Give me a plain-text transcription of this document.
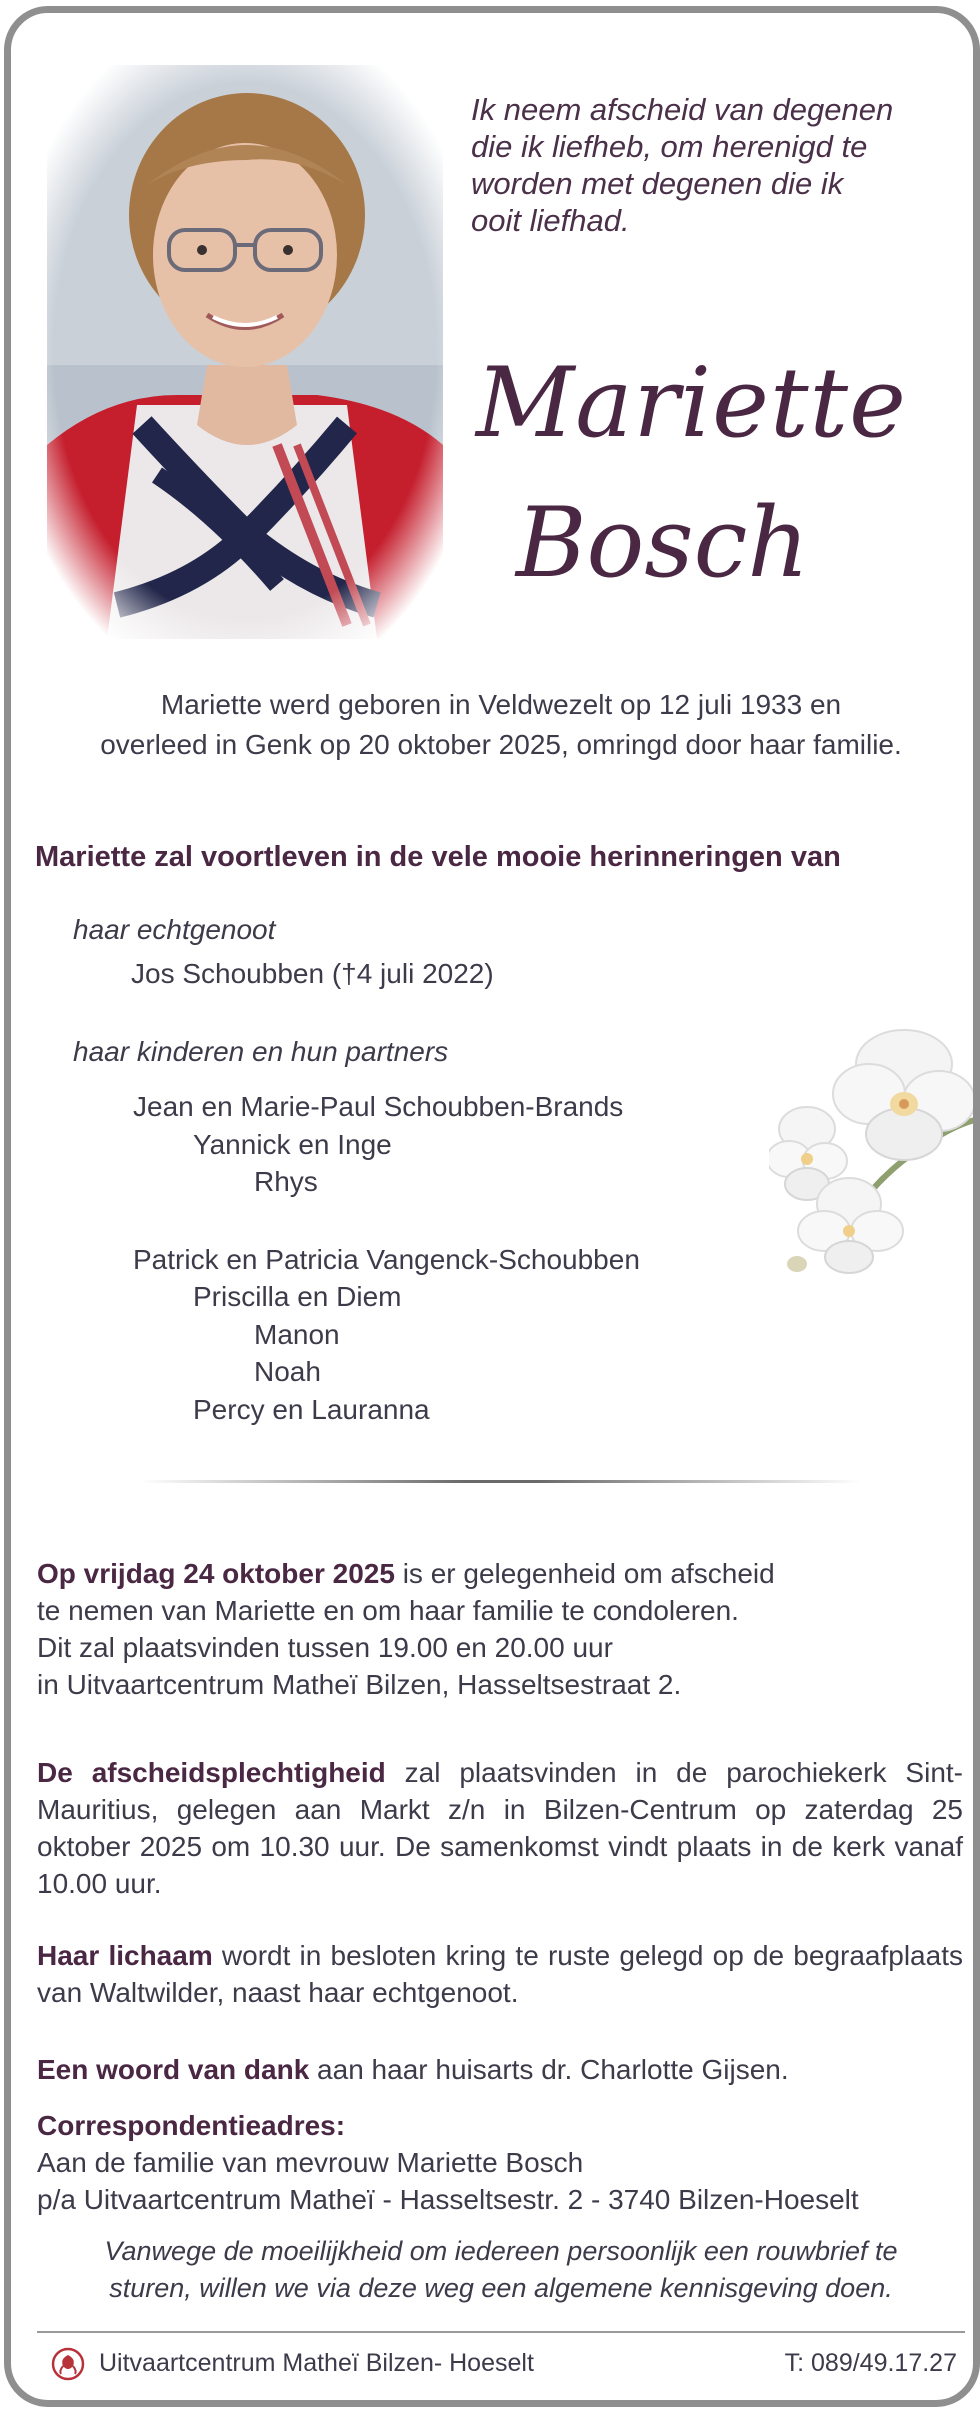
Ik neem afscheid van degenen
die ik liefheb, om herenigd te
worden met degenen die ik
ooit liefhad.
Mariette
Bosch
Mariette werd geboren in Veldwezelt op 12 juli 1933 en
overleed in Genk op 20 oktober 2025, omringd door haar familie.
Mariette zal voortleven in de vele mooie herinneringen van
haar echtgenoot
Jos Schoubben (†4 juli 2022)
haar kinderen en hun partners
Jean en Marie-Paul Schoubben-Brands
Yannick en Inge
Rhys
Patrick en Patricia Vangenck-Schoubben
Priscilla en Diem
Manon
Noah
Percy en Lauranna
Op vrijdag 24 oktober 2025 is er gelegenheid om afscheid
te nemen van Mariette en om haar familie te condoleren.
Dit zal plaatsvinden tussen 19.00 en 20.00 uur
in Uitvaartcentrum Matheï Bilzen, Hasseltsestraat 2.
De afscheidsplechtigheid zal plaatsvinden in de parochiekerk Sint-Mauritius, gelegen aan Markt z/n in Bilzen-Centrum op zaterdag 25 oktober 2025 om 10.30 uur. De samenkomst vindt plaats in de kerk vanaf 10.00 uur.
Haar lichaam wordt in besloten kring te ruste gelegd op de begraafplaats van Waltwilder, naast haar echtgenoot.
Een woord van dank aan haar huisarts dr. Charlotte Gijsen.
Correspondentieadres:
Aan de familie van mevrouw Mariette Bosch
p/a Uitvaartcentrum Matheï - Hasseltsestr. 2 - 3740 Bilzen-Hoeselt
Vanwege de moeilijkheid om iedereen persoonlijk een rouwbrief te
sturen, willen we via deze weg een algemene kennisgeving doen.
Uitvaartcentrum Matheï Bilzen- Hoeselt	T: 089/49.17.27
